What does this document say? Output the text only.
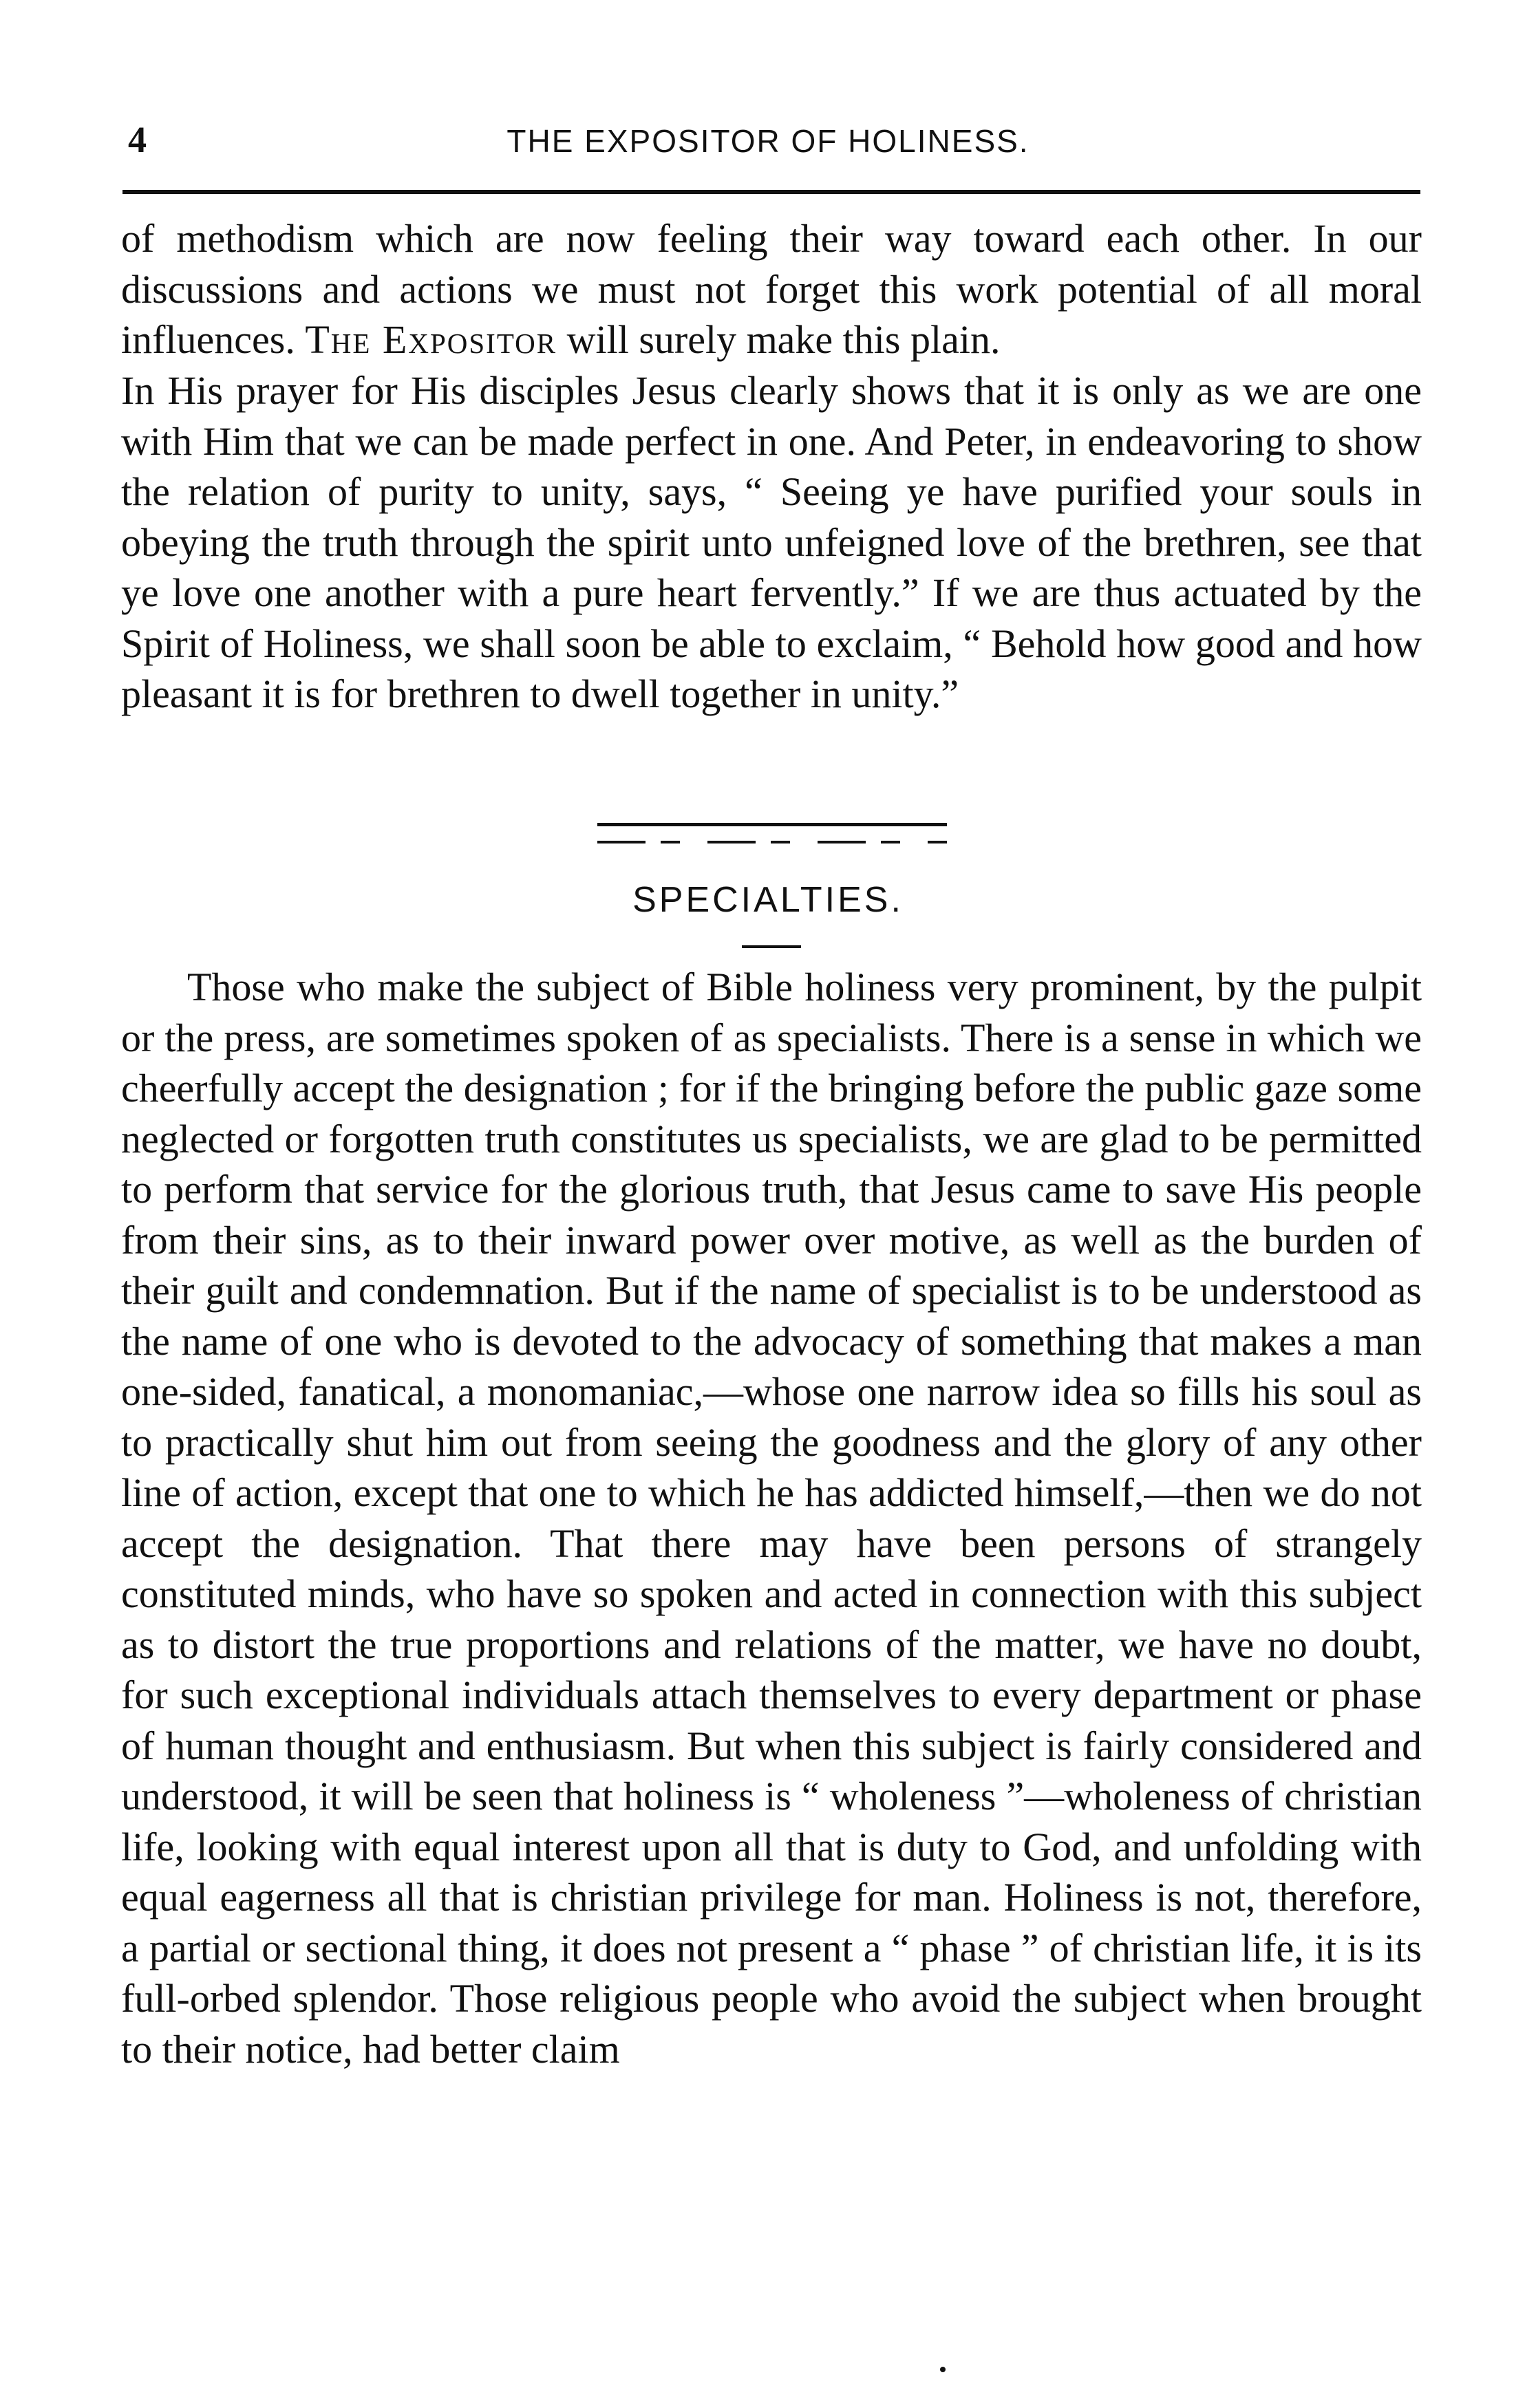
4	THE EXPOSITOR OF HOLINESS.

of methodism which are now feeling their way toward each other. In our discussions and actions we must not forget this work potential of all moral influences. The Expositor will surely make this plain.

In His prayer for His disciples Jesus clearly shows that it is only as we are one with Him that we can be made perfect in one. And Peter, in endeavoring to show the relation of purity to unity, says, “ Seeing ye have purified your souls in obeying the truth through the spirit unto unfeigned love of the brethren, see that ye love one another with a pure heart fervently.” If we are thus actuated by the Spirit of Holiness, we shall soon be able to exclaim, “ Behold how good and how pleasant it is for brethren to dwell together in unity.”

SPECIALTIES.

Those who make the subject of Bible holiness very prominent, by the pulpit or the press, are sometimes spoken of as specialists. There is a sense in which we cheerfully accept the designation ; for if the bringing before the public gaze some neglected or forgotten truth constitutes us specialists, we are glad to be permitted to perform that service for the glorious truth, that Jesus came to save His people from their sins, as to their inward power over motive, as well as the burden of their guilt and condemnation. But if the name of specialist is to be understood as the name of one who is devoted to the advocacy of something that makes a man one-sided, fanatical, a monomaniac,—whose one narrow idea so fills his soul as to practically shut him out from seeing the goodness and the glory of any other line of action, except that one to which he has addicted himself,—then we do not accept the designation. That there may have been persons of strangely constituted minds, who have so spoken and acted in connection with this subject as to distort the true proportions and relations of the matter, we have no doubt, for such exceptional individuals attach themselves to every department or phase of human thought and enthusiasm. But when this subject is fairly considered and understood, it will be seen that holiness is “ wholeness ”—wholeness of christian life, looking with equal interest upon all that is duty to God, and unfolding with equal eagerness all that is christian privilege for man. Holiness is not, therefore, a partial or sectional thing, it does not present a “ phase ” of christian life, it is its full-orbed splendor. Those religious people who avoid the subject when brought to their notice, had better claim
